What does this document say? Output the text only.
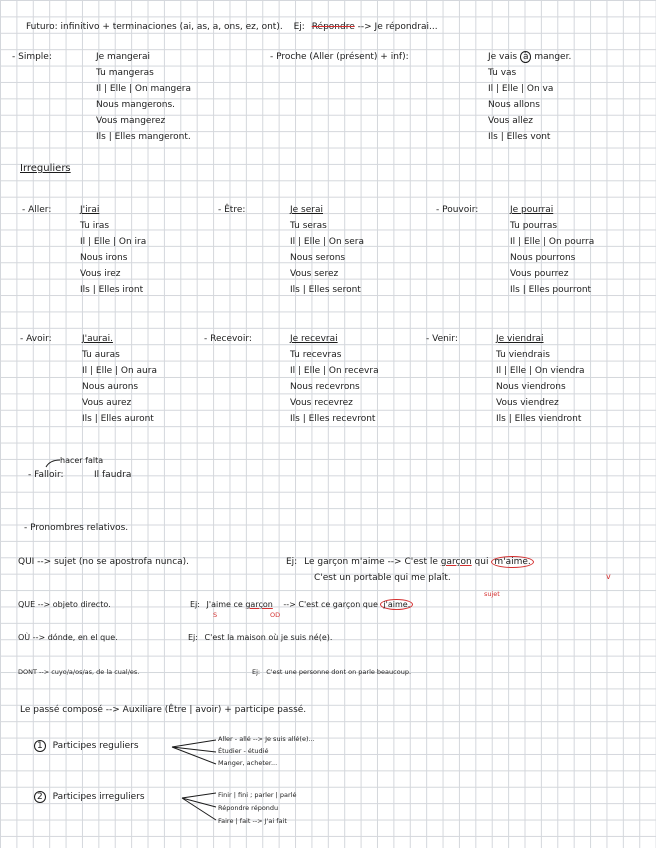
Futuro: infinitivo + terminaciones (ai, as, a, ons, ez, ont). Ej: Répondre --> Je répondrai...
- Simple:	Je mangerai
Tu mangeras
Il | Elle | On mangera
Nous mangerons.
Vous mangerez
Ils | Elles mangeront.
- Proche (Aller (présent) + inf):	Je vais à manger.
Tu vas
Il | Elle | On va
Nous allons
Vous allez
Ils | Elles vont
Irreguliers
- Aller:	J'irai
Tu iras
Il | Elle | On ira
Nous irons
Vous irez
Ils | Elles iront
- Être:	Je serai
Tu seras
Il | Elle | On sera
Nous serons
Vous serez
Ils | Elles seront
- Pouvoir:	Je pourrai
Tu pourras
Il | Elle | On pourra
Nous pourrons
Vous pourrez
Ils | Elles pourront
- Avoir:	J'aurai.
Tu auras
Il | Elle | On aura
Nous aurons
Vous aurez
Ils | Elles auront
- Recevoir:	Je recevrai
Tu recevras
Il | Elle | On recevra
Nous recevrons
Vous recevrez
Ils | Elles recevront
- Venir:	Je viendrai
Tu viendrais
Il | Elle | On viendra
Nous viendrons
Vous viendrez
Ils | Elles viendront
hacer falta
- Falloir:	Il faudra
- Pronombres relativos.
QUI --> sujet (no se apostrofa nunca).	Ej: Le garçon m'aime --> C'est le garçon qui m'aime.
C'est un portable qui me plaît.	v
QUE --> objeto directo.	Ej: J'aime ce garçon --> C'est ce garçon que j'aime.
S	OD
sujet
OÙ --> dónde, en el que.	Ej: C'est la maison où je suis né(e).
DONT --> cuyo/a/os/as, de la cual/es.	Ej: C'est une personne dont on parle beaucoup.
Le passé composé --> Auxiliare (Être | avoir) + participe passé.
1 Participes reguliers
Aller - allé --> Je suis allé(e)...
Étudier - étudié
Manger, acheter...
2 Participes irreguliers	Finir | fini ; parler | parlé
Répondre répondu
Faire | fait --> J'ai fait
